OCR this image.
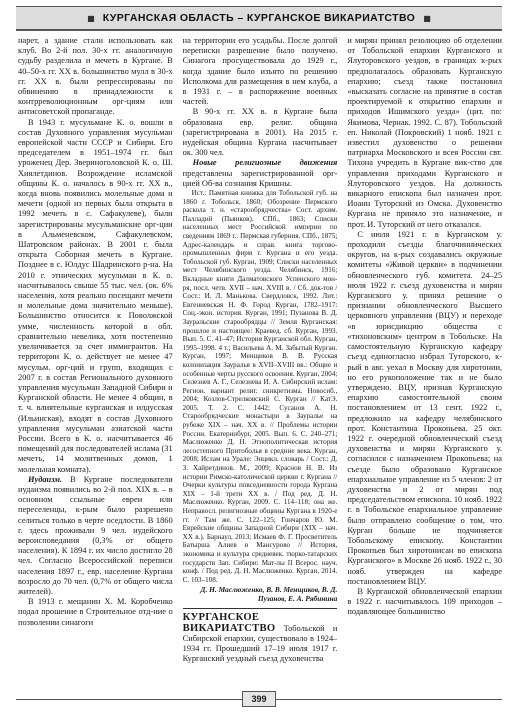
■ КУРГАНСКАЯ ОБЛАСТЬ – КУРГАНСКОЕ ВИКАРИАТСТВО ■

нарет, а здание стали использовать как клуб. Во 2-й пол. 30-х гг. аналогичную судьбу разделила и мечеть в Кургане. В 40–50-х гг. XX в. большинство мулл в 30-х гг. XX в. были репрессированы по обвинению в принадлежности к контрреволюционным орг-циям или антисоветской пропаганде.

В 1943 г. мусульмане К. о. вошли в состав Духовного управления мусульман европейской части СССР и Сибири. Его председателем в 1951–1974 гг. был уроженец Дер. Звериноголовской К. о. Ш. Хиялетдинов. Возрождение исламской общины К. о. началось в 90-х гг. XX в., когда вновь появились молельные дома и мечети (одной из первых была открыта в 1992 мечеть в с. Сафакулеве), были зарегистрированы мусульманские орг-ции в Альменевском, Сафакулевском, Шатровском районах. В 2001 г. была открыта Соборная мечеть в Кургане. Позднее в с. Юлдус Шадринского р-на. На 2010 г. этнических мусульман в К. о. насчитывалось свыше 55 тыс. чел. (ок. 6% населения, хотя реально посещают мечети и молельные дома значительно меньше). Большинство относится к Поволжской умме, численность которой в обл. сравнительно невелика, хотя постепенно увеличивается за счет иммигрантов. На территории К. о. действует не менее 47 мусульм. орг-ций и групп, входящих с 2007 г. в состав Регионального духовного управления мусульман Западной Сибири и Курганской области. Не менее 4 общин, в т. ч. влиятельные курганская и илдусская (Ильинская), входят в состав Духовного управления мусульман азиатской части России. Всего в К. о. насчитывается 46 помещений для последователей ислама (31 мечеть, 14 молитвенных домов, 1 молельная комната).

Иудаизм. В Кургане последователи иудаизма появились во 2-й пол. XIX в. – в основном ссыльные евреи или переселенцы, к-рым было разрешено селиться только в черте оседлости. В 1860 г. здесь проживали 9 чел. иудейского вероисповедания (0,3% от общего населения). К 1894 г. их число достигло 28 чел. Согласно Всероссийской переписи населения 1897 г., евр. население Кургана возросло до 70 чел. (0,7% от общего числа жителей).

В 1913 г. мещанин Х. М. Коробченко подал прошение в Строительное отд-ние о позволении синагоги

на территории его усадьбы. После долгой переписки разрешение было получено. Синагога просуществовала до 1929 г., когда здание было изъято по решению Исполкома для размещения в нем клуба, а в 1931 г. – в распоряжение военных частей.

В 90-х гг. XX в. в Кургане была образована евр. религ. община (зарегистрирована в 2001). На 2015 г. иудейская община Кургана насчитывает ок. 300 чел.

Новые религиозные движения представлены зарегистрированной орг-цией Об-ва сознания Кришны.

Ист.: Памятная книжка для Тобольской губ. на 1860 г. Тобольск, 1860; Обозрение Пермского раскола т. н. «старообрядчества» Сост. архим. Палладий (Пьянков). СПб., 1863; Списки населенных мест Российской империи по сведениям 1869 г.: Пермская губерния. СПб., 1875; Адрес-календарь и справ. книга торгово-промышленных фирм г. Кургана и его уезда. Тобольской губ. Курган, 1909; Списки населенных мест Челябинского уезда. Челябинск, 1916; Вкладные книги Далматовского Успенского мон-ря, посл. четв. XVII – нач. XVIII в. / Сб. док-тов / Сост.: И. Л. Манькова. Свердловск, 1992. Лит.: Евгениевская Н. Ф. Город Курган, 1782–1917: Соц.-экон. история. Курган, 1991; Пузанова В. Д. Зауральские старообрядцы // Земля Курганская: прошлое и настоящее: Краевед. сб. Курган, 1993. Вып. 5. С. 41–47; История Курганской обл. Курган, 1995–1998. 4 т.; Васильева А. М. Забытый Курган. Курган, 1997; Менщиков В. В. Русская колонизация Зауралья в XVII–XVIII вв.: Общие и особенные черты русского освоения. Курган, 2004; Селезнев А. Г., Селезнева И. А. Сибирский ислам: Регион. вариант религ. синкретизма. Новосиб., 2004; Козлов-Стрелковский С. Курган // КатЭ. 2005. Т. 2. С. 1442; Сусанов А. Н. Старообрядческие монастыри в Зауралье на рубеже XIX – нач. XX в. // Проблемы истории России. Екатеринбург, 2005. Вып. 6. С. 240–271; Маслюженко Д. Н. Этнополитическая история лесостепного Притоболья в средние века. Курган, 2008; Ислам на Урале: Энцикл. словарь / Сост.: Д. З. Хайретдинов. М., 2009; Краснов Н. В. Из истории Римско-католической церкви г. Кургана // Очерки культуры повседневности города Кургана XIX – 1-й трети XX в. / Под ред. Д. Н. Маслюженко. Курган, 2009. С. 114–118; она же. Неправосл. религиозные общины Кургана в 1920-е гг. // Там же. С. 122–125; Гончаров Ю. М. Еврейские общины Западной Сибири (XIX – нач. XX в.). Барнаул, 2013; Исмаев Ф. Г. Просветитель Батырша Алиев в Мансурово // История, экономика и культура средневек. тюрко-татарских государств Зап. Сибири: Мат-лы II Всерос. науч. конф. / Под ред. Д. Н. Маслюженко. Курган, 2014. С. 103–108.

Д. Н. Маслюженко, В. В. Менщиков, В. Д. Пузанов, Е. А. Рябинина

КУРГАНСКОЕ ВИКАРИАТСТВО Тобольской и Сибирской епархии, существовало в 1924–1934 гг. Прошедший 17–19 июля 1917 г. Курганский уездный съезд духовенства

и мирян принял резолюцию об отделении от Тобольской епархии Курганского и Ялуторовского уездов, в границах к-рых предполагалось образовать Курганскую епархию; съезд также постановил «высказать согласие на принятие в состав проектируемой к открытию епархии и приходов Ишимского уезда» (цит. по: Якимова, Чернак. 1992. С. 87). Тобольский еп. Николай (Покровский) 1 нояб. 1921 г. известил духовенство о решении патриарха Московского и всея России свт. Тихона учредить в Кургане вик-ство для управления приходами Курганского и Ялуторовского уездов. На должность викарного епископа был назначен прот. Иоанн Туторский из Омска. Духовенство Кургана не приняло это назначение, и прот. И. Туторский от него отказался.

С июля 1921 г. в Курганском у. проходили съезды благочиннических округов, на к-рых создавались окружные комитеты «Живой церкви» в подчинении обновленческого губ. комитета. 24–25 июля 1922 г. съезд духовенства и мирян Курганского у. принял решение о признании обновленческого Высшего церковного управления (ВЦУ) и переходе «в юрисдикцию общества с «тихоновским» центром в Тобольске. На самостоятельную Курганскую кафедру съезд единогласно избрал Туторского, к-рый в авг. уехал в Москву для хиротонии, но его рукоположение так и не было утверждено. ВЦУ, признав Курганскую епархию самостоятельной своим постановлением от 13 сент. 1922 г., предложило на кафедру челябинского прот. Константина Прокопьева. 25 окт. 1922 г. очередной обновленческий съезд духовенства и мирян Курганского у. согласился с назначением Прокопьева; на съезде было образовано Курганское епархиальное управление из 5 членов: 2 от духовенства и 2 от мирян под председательством епископа. 10 нояб. 1922 г. в Тобольское епархиальное управление было отправлено сообщение о том, что Курган больше не подчиняется Тобольскому епископу. Константин Прокопьев был хиротонисан во епископа Курганского» в Москве 26 нояб. 1922 г., 30 нояб. утвержден на кафедре постановлением ВЦУ.

В Курганской обновленческой епархии в 1922 г. насчитывалось 109 приходов – подавляющее большинство

399
